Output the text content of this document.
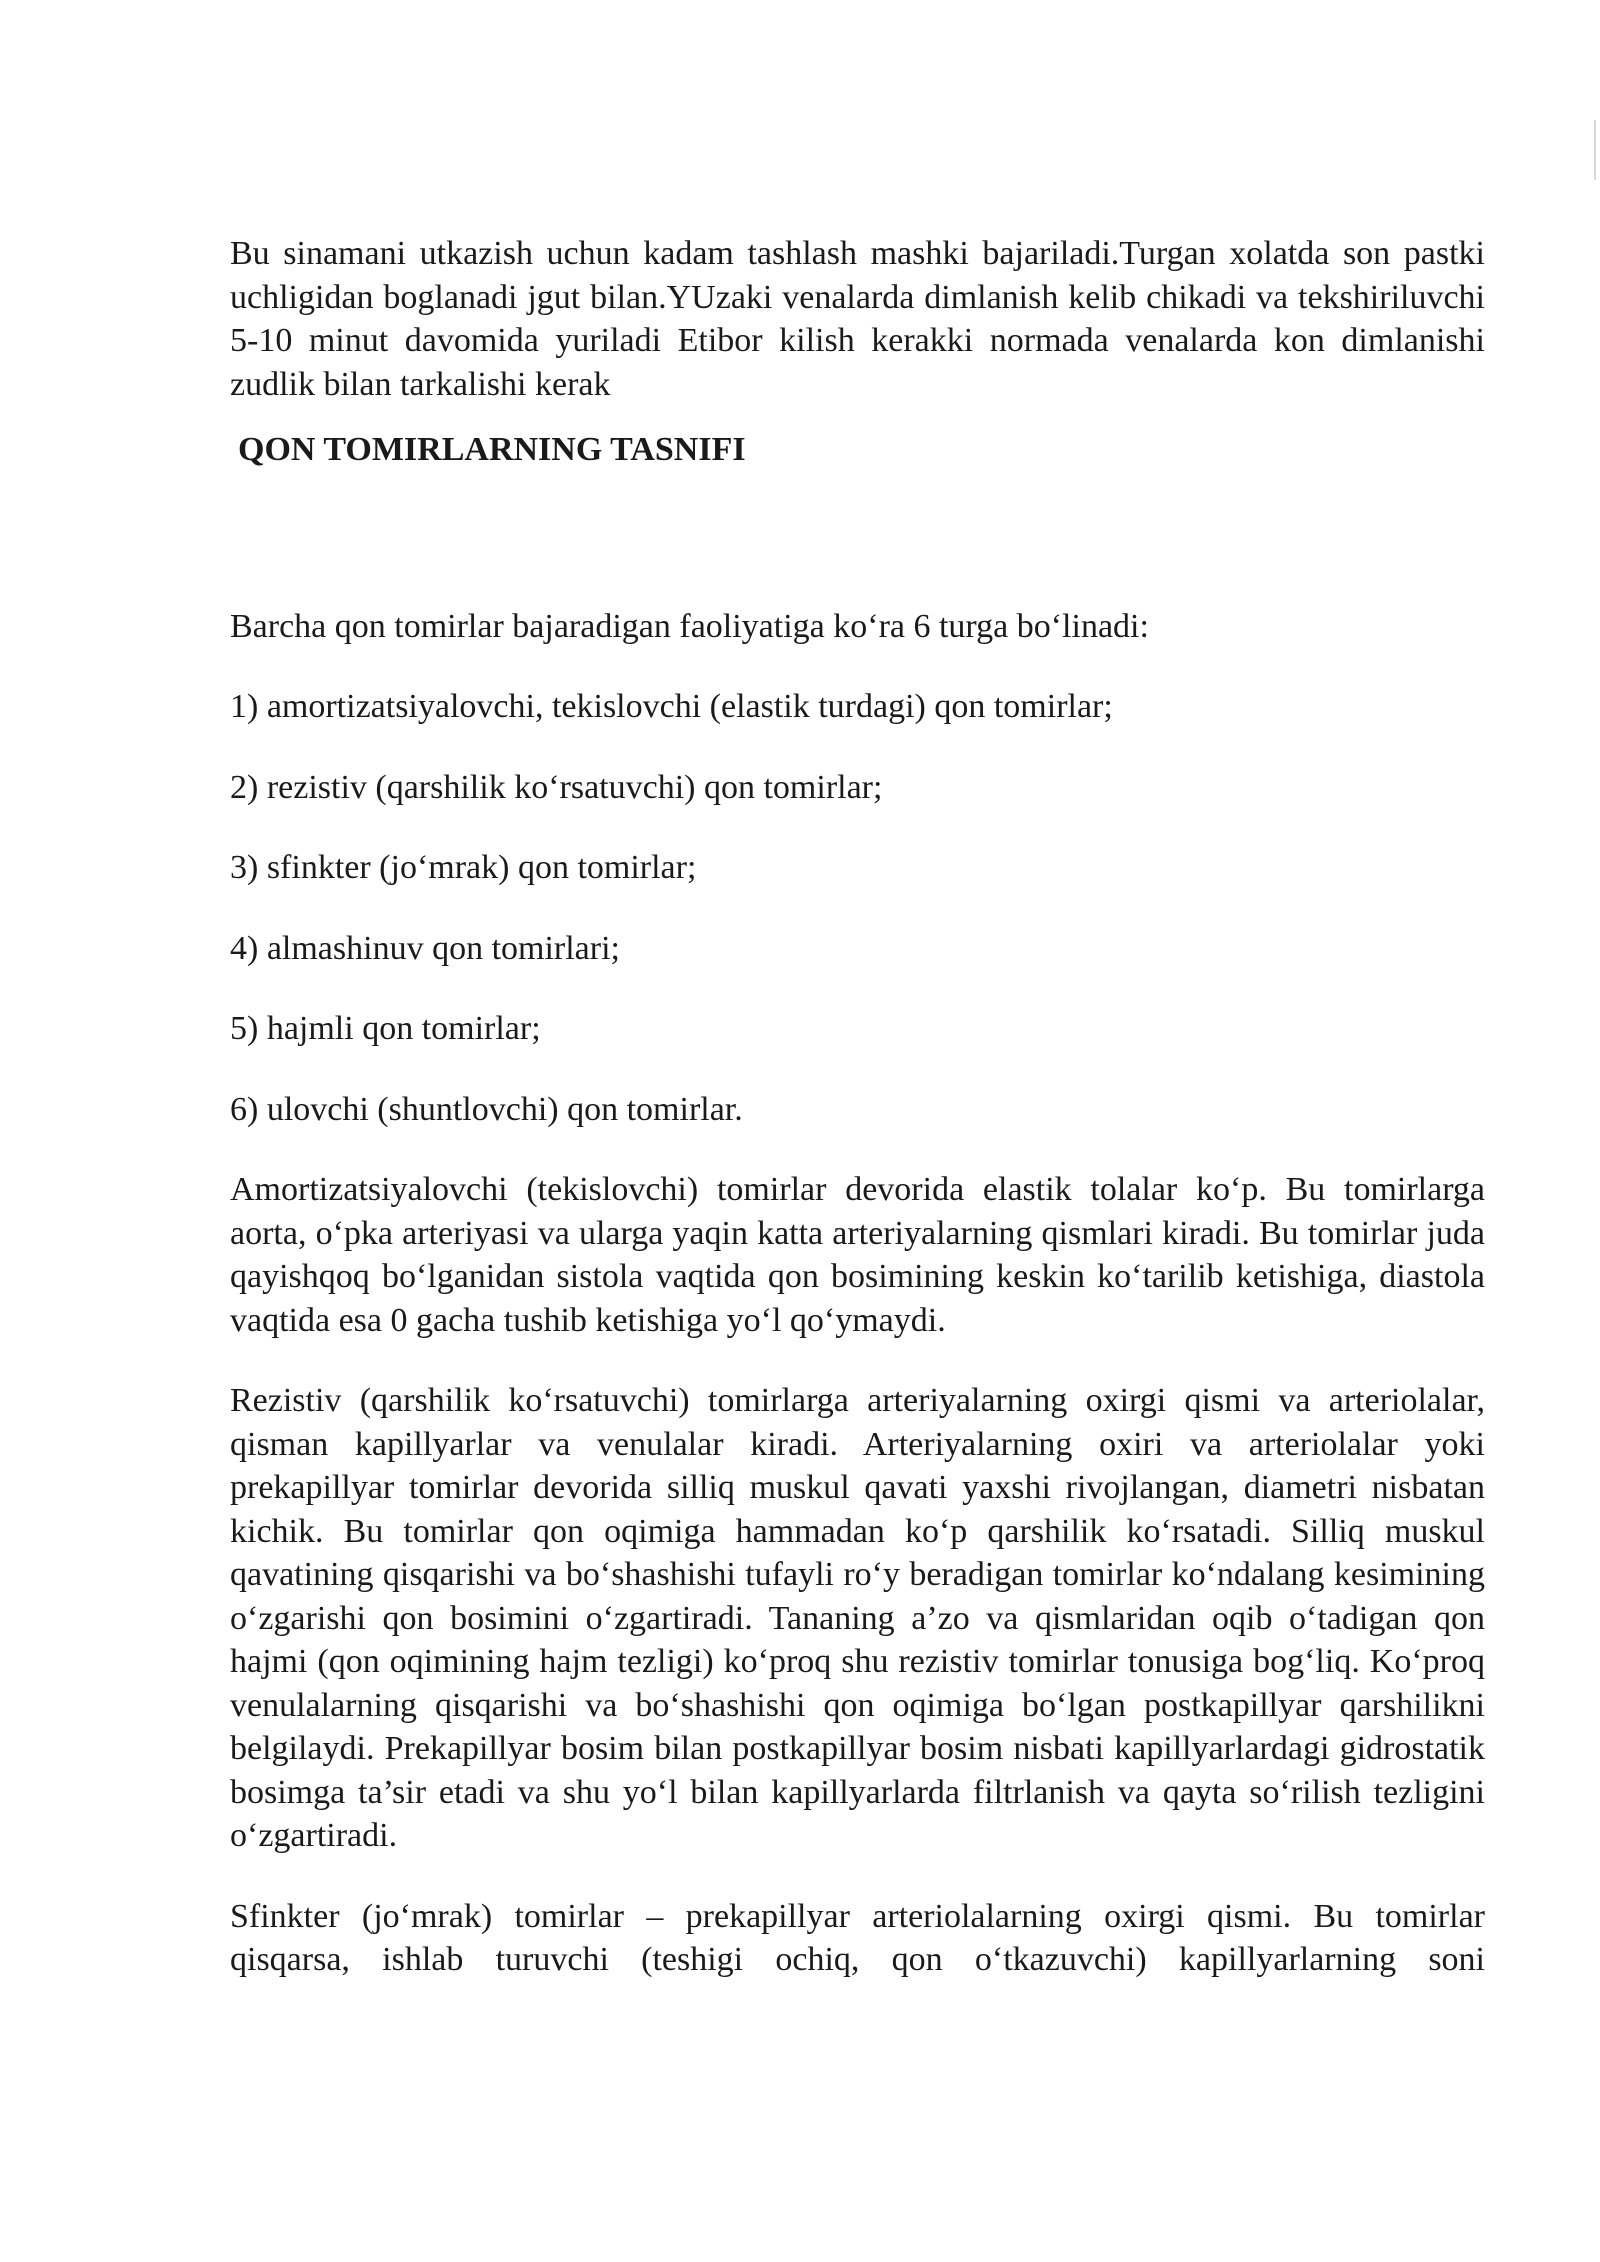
Bu sinamani utkazish uchun kadam tashlash mashki bajariladi.Turgan xolatda son pastki uchligidan boglanadi jgut bilan.YUzaki venalarda dimlanish kelib chikadi va tekshiriluvchi 5-10 minut davomida yuriladi Etibor kilish kerakki normada venalarda kon dimlanishi zudlik bilan tarkalishi kerak

QON TOMIRLARNING TASNIFI

Barcha qon tomirlar bajaradigan faoliyatiga ko‘ra 6 turga bo‘linadi:

1) amortizatsiyalovchi, tekislovchi (elastik turdagi) qon tomirlar;

2) rezistiv (qarshilik ko‘rsatuvchi) qon tomirlar;

3) sfinkter (jo‘mrak) qon tomirlar;

4) almashinuv qon tomirlari;

5) hajmli qon tomirlar;

6) ulovchi (shuntlovchi) qon tomirlar.

Amortizatsiyalovchi (tekislovchi) tomirlar devorida elastik tolalar ko‘p. Bu tomirlarga aorta, o‘pka arteriyasi va ularga yaqin katta arteriyalarning qismlari kiradi. Bu tomirlar juda qayishqoq bo‘lganidan sistola vaqtida qon bosimining keskin ko‘tarilib ketishiga, diastola vaqtida esa 0 gacha tushib ketishiga yo‘l qo‘ymaydi.

Rezistiv (qarshilik ko‘rsatuvchi) tomirlarga arteriyalarning oxirgi qismi va arteriolalar, qisman kapillyarlar va venulalar kiradi. Arteriyalarning oxiri va arteriolalar yoki prekapillyar tomirlar devorida silliq muskul qavati yaxshi rivojlangan, diametri nisbatan kichik. Bu tomirlar qon oqimiga hammadan ko‘p qarshilik ko‘rsatadi. Silliq muskul qavatining qisqarishi va bo‘shashishi tufayli ro‘y beradigan tomirlar ko‘ndalang kesimining o‘zgarishi qon bosimini o‘zgartiradi. Tananing a’zo va qismlaridan oqib o‘tadigan qon hajmi (qon oqimining hajm tezligi) ko‘proq shu rezistiv tomirlar tonusiga bog‘liq. Ko‘proq venulalarning qisqarishi va bo‘shashishi qon oqimiga bo‘lgan postkapillyar qarshilikni belgilaydi. Prekapillyar bosim bilan postkapillyar bosim nisbati kapillyarlardagi gidrostatik bosimga ta’sir etadi va shu yo‘l bilan kapillyarlarda filtrlanish va qayta so‘rilish tezligini o‘zgartiradi.

Sfinkter (jo‘mrak) tomirlar – prekapillyar arteriolalarning oxirgi qismi. Bu tomirlar qisqarsa, ishlab turuvchi (teshigi ochiq, qon o‘tkazuvchi) kapillyarlarning soni
